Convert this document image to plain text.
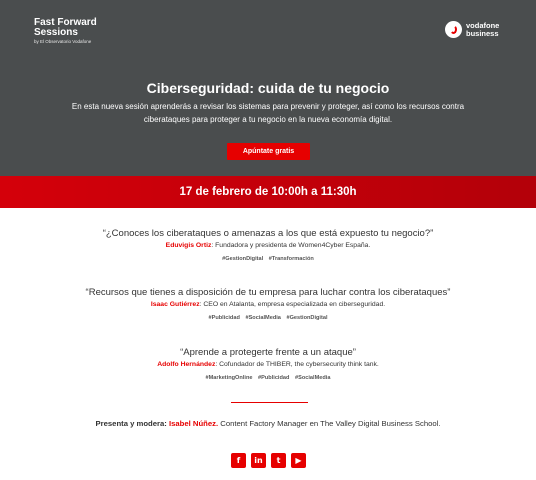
Fast Forward
Sessions
by El Observatorio Vodafone
vodafone
business
Ciberseguridad: cuida de tu negocio
En esta nueva sesión aprenderás a revisar los sistemas para prevenir y proteger, así como los recursos contra ciberataques para proteger a tu negocio en la nueva economía digital.
Apúntate gratis
17 de febrero de 10:00h a 11:30h
“¿Conoces los ciberataques o amenazas a los que está expuesto tu negocio?”
Eduvigis Ortiz: Fundadora y presidenta de Women4Cyber España.
#GestionDigital #Transformación
“Recursos que tienes a disposición de tu empresa para luchar contra los ciberataques”
Isaac Gutiérrez: CEO en Atalanta, empresa especializada en ciberseguridad.
#Publicidad #SocialMedia #GestionDigital
“Aprende a protegerte frente a un ataque”
Adolfo Hernández: Cofundador de THIBER, the cybersecurity think tank.
#MarketingOnline #Publicidad #SocialMedia
Presenta y modera: Isabel Núñez. Content Factory Manager en The Valley Digital Business School.
f	in	t	▶
